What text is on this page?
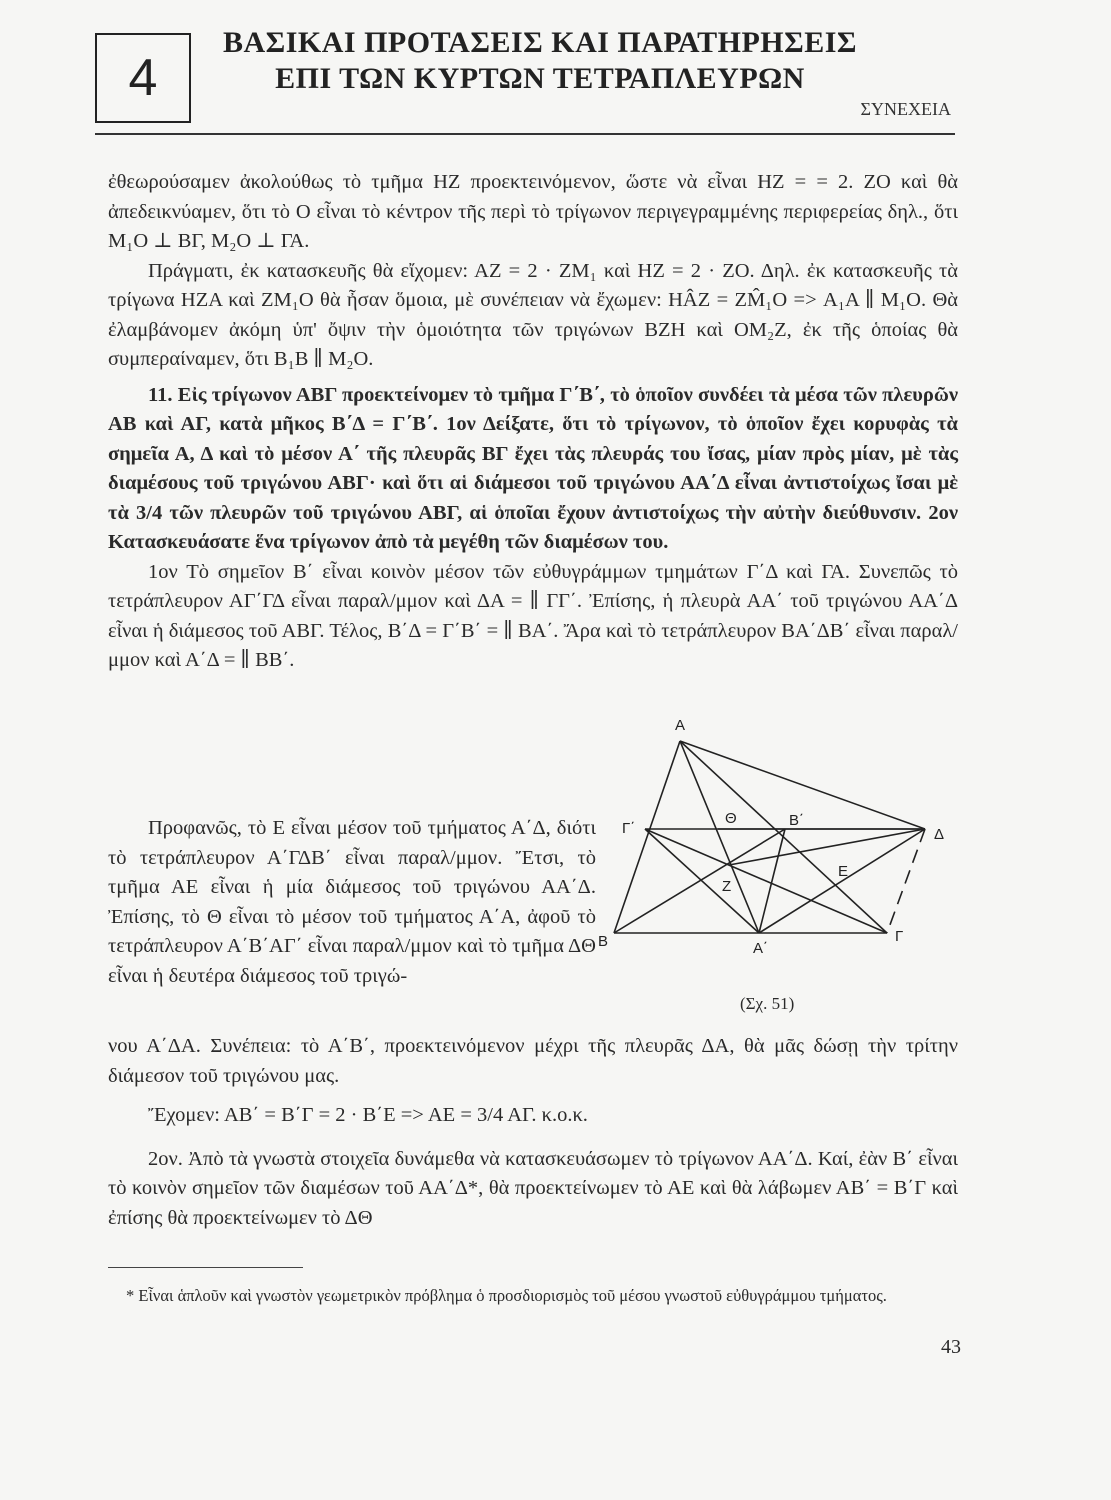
4
ΒΑΣΙΚΑΙ ΠΡΟΤΑΣΕΙΣ ΚΑΙ ΠΑΡΑΤΗΡΗΣΕΙΣ
ΕΠΙ ΤΩΝ ΚΥΡΤΩΝ ΤΕΤΡΑΠΛΕΥΡΩΝ
ΣΥΝΕΧΕΙΑ

ἐθεωρούσαμεν ἀκολούθως τὸ τμῆμα ΗΖ προεκτεινόμενον, ὥστε νὰ εἶναι ΗΖ = = 2. ΖΟ καὶ θὰ ἀπεδεικνύαμεν, ὅτι τὸ Ο εἶναι τὸ κέντρον τῆς περὶ τὸ τρίγωνον περιγεγραμμένης περιφερείας δηλ., ὅτι M₁O ⊥ ΒΓ, M₂O ⊥ ΓΑ.

Πράγματι, ἐκ κατασκευῆς θὰ εἴχομεν: ΑΖ = 2 · ΖM₁ καὶ ΗΖ = 2 · ΖΟ. Δηλ. ἐκ κατασκευῆς τὰ τρίγωνα ΗΖΑ καὶ ΖM₁Ο θὰ ἦσαν ὅμοια, μὲ συνέπειαν νὰ ἔχωμεν: ΗÂΖ = ΖM̂₁Ο => A₁A ∥ M₁O. Θὰ ἐλαμβάνομεν ἀκόμη ὑπ' ὄψιν τὴν ὁμοιότητα τῶν τριγώνων ΒΖΗ καὶ ΟM₂Ζ, ἐκ τῆς ὁποίας θὰ συμπεραίναμεν, ὅτι B₁B ∥ M₂O.

11. Εἰς τρίγωνον ΑΒΓ προεκτείνομεν τὸ τμῆμα Γ΄Β΄, τὸ ὁποῖον συνδέει τὰ μέσα τῶν πλευρῶν ΑΒ καὶ ΑΓ, κατὰ μῆκος Β΄Δ = Γ΄Β΄. 1ον Δείξατε, ὅτι τὸ τρίγωνον, τὸ ὁποῖον ἔχει κορυφὰς τὰ σημεῖα Α, Δ καὶ τὸ μέσον Α΄ τῆς πλευρᾶς ΒΓ ἔχει τὰς πλευράς του ἴσας, μίαν πρὸς μίαν, μὲ τὰς διαμέσους τοῦ τριγώνου ΑΒΓ· καὶ ὅτι αἱ διάμεσοι τοῦ τριγώνου ΑΑ΄Δ εἶναι ἀντιστοίχως ἴσαι μὲ τὰ 3/4 τῶν πλευρῶν τοῦ τριγώνου ΑΒΓ, αἱ ὁποῖαι ἔχουν ἀντιστοίχως τὴν αὐτὴν διεύθυνσιν. 2ον Κατασκευάσατε ἕνα τρίγωνον ἀπὸ τὰ μεγέθη τῶν διαμέσων του.

1ον Τὸ σημεῖον Β΄ εἶναι κοινὸν μέσον τῶν εὐθυγράμμων τμημάτων Γ΄Δ καὶ ΓΑ. Συνεπῶς τὸ τετράπλευρον ΑΓ΄ΓΔ εἶναι παραλ/μμον καὶ ΔΑ = ∥ ΓΓ΄. Ἐπίσης, ἡ πλευρὰ ΑΑ΄ τοῦ τριγώνου ΑΑ΄Δ εἶναι ἡ διάμεσος τοῦ ΑΒΓ. Τέλος, Β΄Δ = Γ΄Β΄ = ∥ ΒΑ΄. Ἄρα καὶ τὸ τετράπλευρον ΒΑ΄ΔΒ΄ εἶναι παραλ/μμον καὶ Α΄Δ = ∥ ΒΒ΄.

Προφανῶς, τὸ Ε εἶναι μέσον τοῦ τμήματος Α΄Δ, διότι τὸ τετράπλευρον Α΄ΓΔΒ΄ εἶναι παραλ/μμον. Ἔτσι, τὸ τμῆμα ΑΕ εἶναι ἡ μία διάμεσος τοῦ τριγώνου ΑΑ΄Δ. Ἐπίσης, τὸ Θ εἶναι τὸ μέσον τοῦ τμήματος Α΄Α, ἀφοῦ τὸ τετράπλευρον Α΄Β΄ΑΓ΄ εἶναι παραλ/μμον καὶ τὸ τμῆμα ΔΘ εἶναι ἡ δευτέρα διάμεσος τοῦ τριγώ-

νου Α΄ΔΑ. Συνέπεια: τὸ Α΄Β΄, προεκτεινόμενον μέχρι τῆς πλευρᾶς ΔΑ, θὰ μᾶς δώσῃ τὴν τρίτην διάμεσον τοῦ τριγώνου μας.

Ἔχομεν: ΑΒ΄ = Β΄Γ = 2 · Β΄Ε => ΑΕ = 3/4 ΑΓ. κ.ο.κ.

2ον. Ἀπὸ τὰ γνωστὰ στοιχεῖα δυνάμεθα νὰ κατασκευάσωμεν τὸ τρίγωνον ΑΑ΄Δ. Καί, ἐὰν Β΄ εἶναι τὸ κοινὸν σημεῖον τῶν διαμέσων τοῦ ΑΑ΄Δ*, θὰ προεκτείνωμεν τὸ ΑΕ καὶ θὰ λάβωμεν ΑΒ΄ = Β΄Γ καὶ ἐπίσης θὰ προεκτείνωμεν τὸ ΔΘ

A
Γ΄
Θ	B΄
Δ
E
Z
B	A΄
Γ
(Σχ. 51)

* Εἶναι ἁπλοῦν καὶ γνωστὸν γεωμετρικὸν πρόβλημα ὁ προσδιορισμὸς τοῦ μέσου γνωστοῦ εὐθυγράμμου τμήματος.

43
